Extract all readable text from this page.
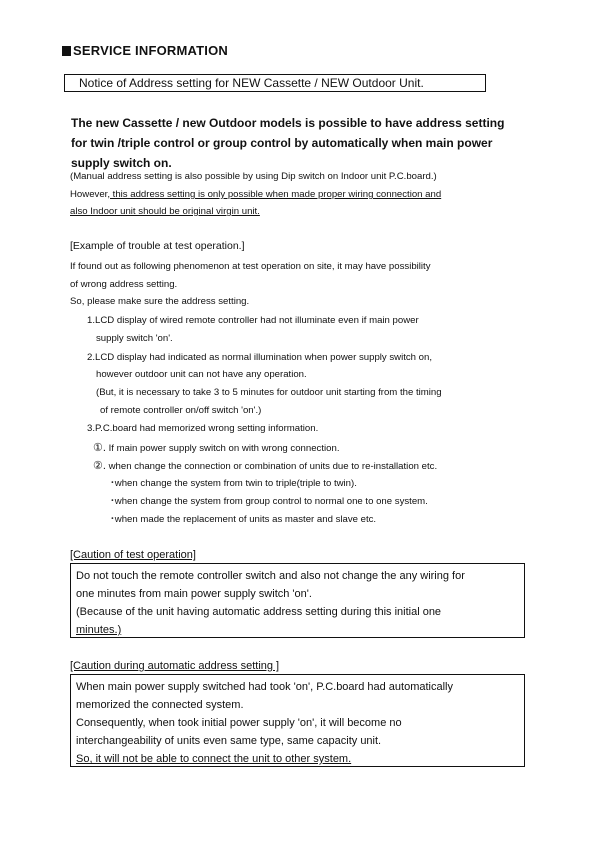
SERVICE INFORMATION
Notice of Address setting for NEW Cassette / NEW Outdoor Unit.
The new Cassette / new Outdoor models is possible to have address setting for twin /triple control or group control by automatically when main power supply switch on.
(Manual address setting is also possible by using Dip switch on Indoor unit P.C.board.)
However, this address setting is only possible when made proper wiring connection and
also Indoor unit should be original virgin unit.
[Example of trouble at test operation.]
If found out as following phenomenon at test operation on site, it may have possibility
of wrong address setting.
So, please make sure the address setting.
1.LCD display of wired remote controller had not illuminate even if main power
supply switch 'on'.
2.LCD display had indicated as normal illumination when power supply switch on,
however outdoor unit can not have any operation.
(But, it is necessary to take 3 to 5 minutes for outdoor unit starting from the timing
of remote controller on/off switch 'on'.)
3.P.C.board had memorized wrong setting information.
①. If main power supply switch on with wrong connection.
②. when change the connection or combination of units due to re-installation etc.
･when change the system from twin to triple(triple to twin).
･when change the system from group control to normal one to one system.
･when made the replacement of units as master and slave etc.
[Caution of test operation]
Do not touch the remote controller switch and also not change the any wiring for
one minutes from main power supply switch 'on'.
(Because of the unit having automatic address setting during this initial one
minutes.)
[Caution during automatic address setting ]
When main power supply switched had took 'on', P.C.board had automatically
memorized the connected system.
Consequently, when took initial power supply 'on', it will become no
interchangeability of units even same type, same capacity unit.
So, it will not be able to connect the unit to other system.
